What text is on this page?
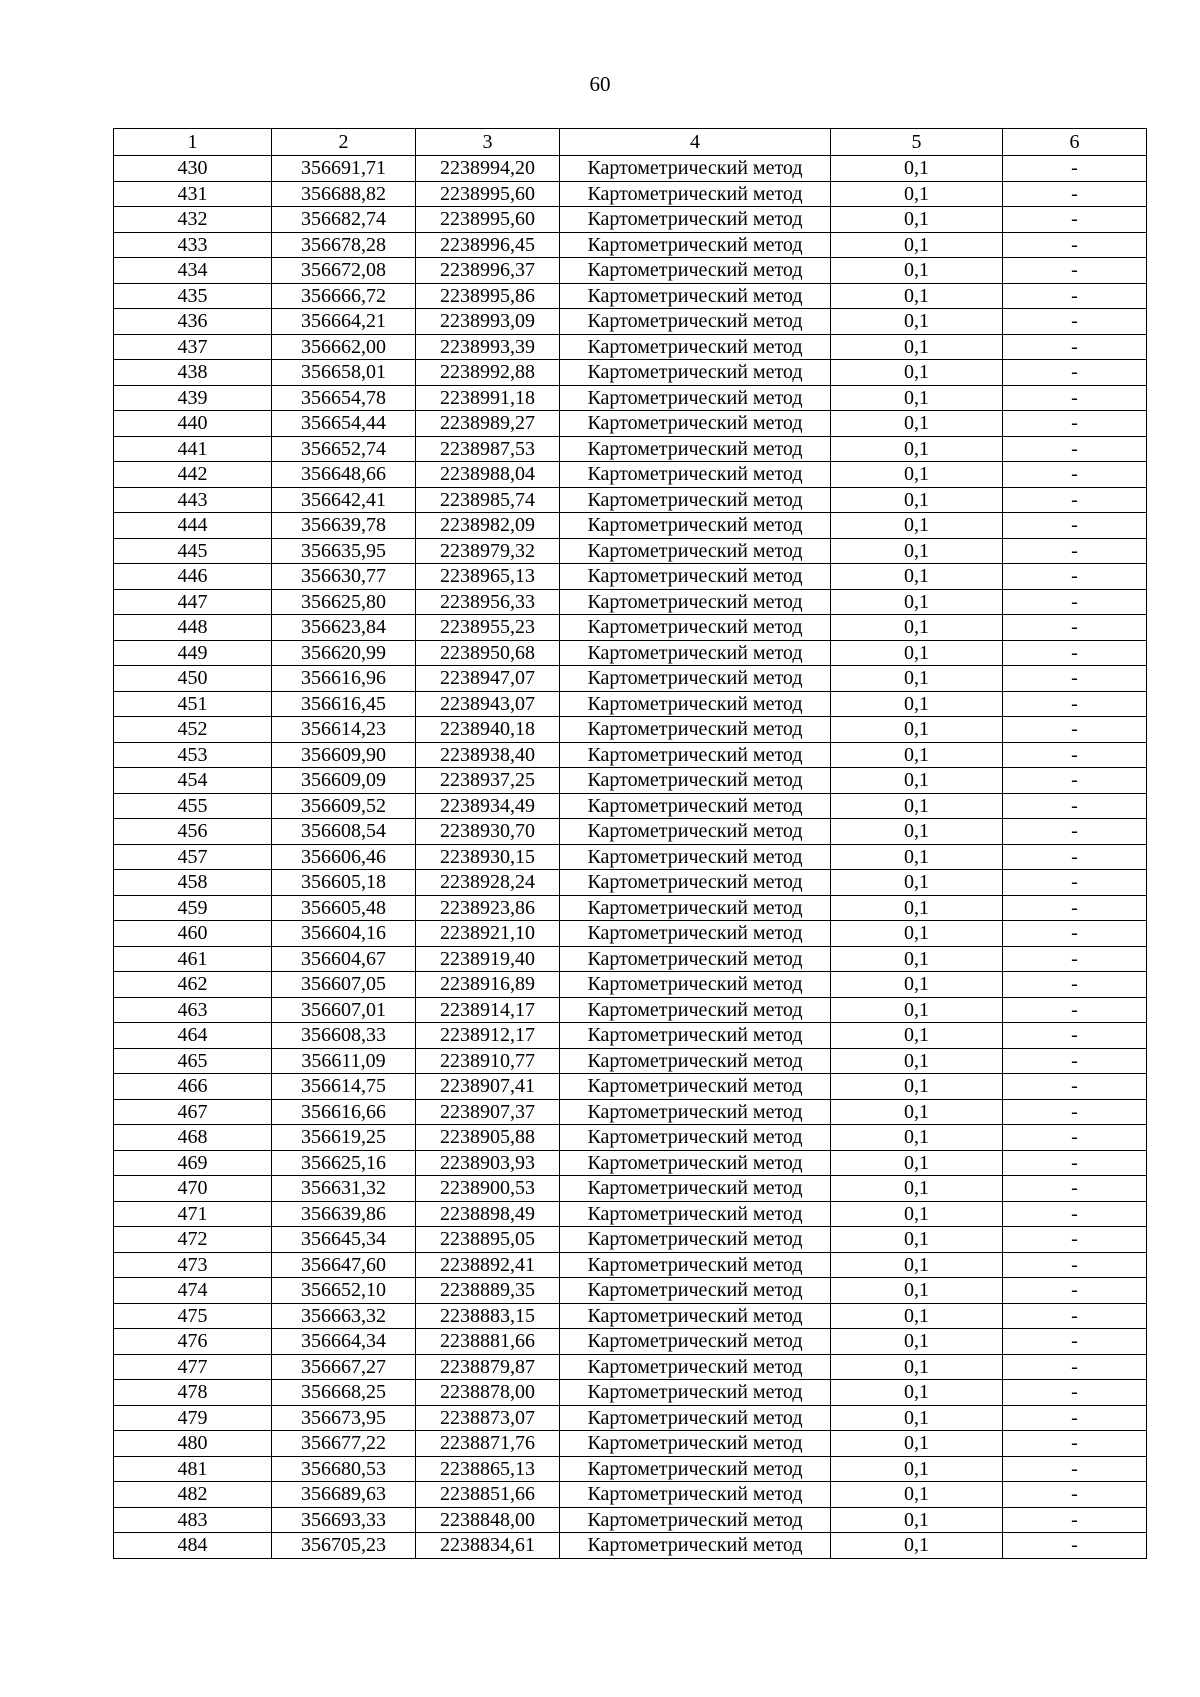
60
1	2	3	4	5	6
430	356691,71	2238994,20	Картометрический метод	0,1	-
431	356688,82	2238995,60	Картометрический метод	0,1	-
432	356682,74	2238995,60	Картометрический метод	0,1	-
433	356678,28	2238996,45	Картометрический метод	0,1	-
434	356672,08	2238996,37	Картометрический метод	0,1	-
435	356666,72	2238995,86	Картометрический метод	0,1	-
436	356664,21	2238993,09	Картометрический метод	0,1	-
437	356662,00	2238993,39	Картометрический метод	0,1	-
438	356658,01	2238992,88	Картометрический метод	0,1	-
439	356654,78	2238991,18	Картометрический метод	0,1	-
440	356654,44	2238989,27	Картометрический метод	0,1	-
441	356652,74	2238987,53	Картометрический метод	0,1	-
442	356648,66	2238988,04	Картометрический метод	0,1	-
443	356642,41	2238985,74	Картометрический метод	0,1	-
444	356639,78	2238982,09	Картометрический метод	0,1	-
445	356635,95	2238979,32	Картометрический метод	0,1	-
446	356630,77	2238965,13	Картометрический метод	0,1	-
447	356625,80	2238956,33	Картометрический метод	0,1	-
448	356623,84	2238955,23	Картометрический метод	0,1	-
449	356620,99	2238950,68	Картометрический метод	0,1	-
450	356616,96	2238947,07	Картометрический метод	0,1	-
451	356616,45	2238943,07	Картометрический метод	0,1	-
452	356614,23	2238940,18	Картометрический метод	0,1	-
453	356609,90	2238938,40	Картометрический метод	0,1	-
454	356609,09	2238937,25	Картометрический метод	0,1	-
455	356609,52	2238934,49	Картометрический метод	0,1	-
456	356608,54	2238930,70	Картометрический метод	0,1	-
457	356606,46	2238930,15	Картометрический метод	0,1	-
458	356605,18	2238928,24	Картометрический метод	0,1	-
459	356605,48	2238923,86	Картометрический метод	0,1	-
460	356604,16	2238921,10	Картометрический метод	0,1	-
461	356604,67	2238919,40	Картометрический метод	0,1	-
462	356607,05	2238916,89	Картометрический метод	0,1	-
463	356607,01	2238914,17	Картометрический метод	0,1	-
464	356608,33	2238912,17	Картометрический метод	0,1	-
465	356611,09	2238910,77	Картометрический метод	0,1	-
466	356614,75	2238907,41	Картометрический метод	0,1	-
467	356616,66	2238907,37	Картометрический метод	0,1	-
468	356619,25	2238905,88	Картометрический метод	0,1	-
469	356625,16	2238903,93	Картометрический метод	0,1	-
470	356631,32	2238900,53	Картометрический метод	0,1	-
471	356639,86	2238898,49	Картометрический метод	0,1	-
472	356645,34	2238895,05	Картометрический метод	0,1	-
473	356647,60	2238892,41	Картометрический метод	0,1	-
474	356652,10	2238889,35	Картометрический метод	0,1	-
475	356663,32	2238883,15	Картометрический метод	0,1	-
476	356664,34	2238881,66	Картометрический метод	0,1	-
477	356667,27	2238879,87	Картометрический метод	0,1	-
478	356668,25	2238878,00	Картометрический метод	0,1	-
479	356673,95	2238873,07	Картометрический метод	0,1	-
480	356677,22	2238871,76	Картометрический метод	0,1	-
481	356680,53	2238865,13	Картометрический метод	0,1	-
482	356689,63	2238851,66	Картометрический метод	0,1	-
483	356693,33	2238848,00	Картометрический метод	0,1	-
484	356705,23	2238834,61	Картометрический метод	0,1	-
